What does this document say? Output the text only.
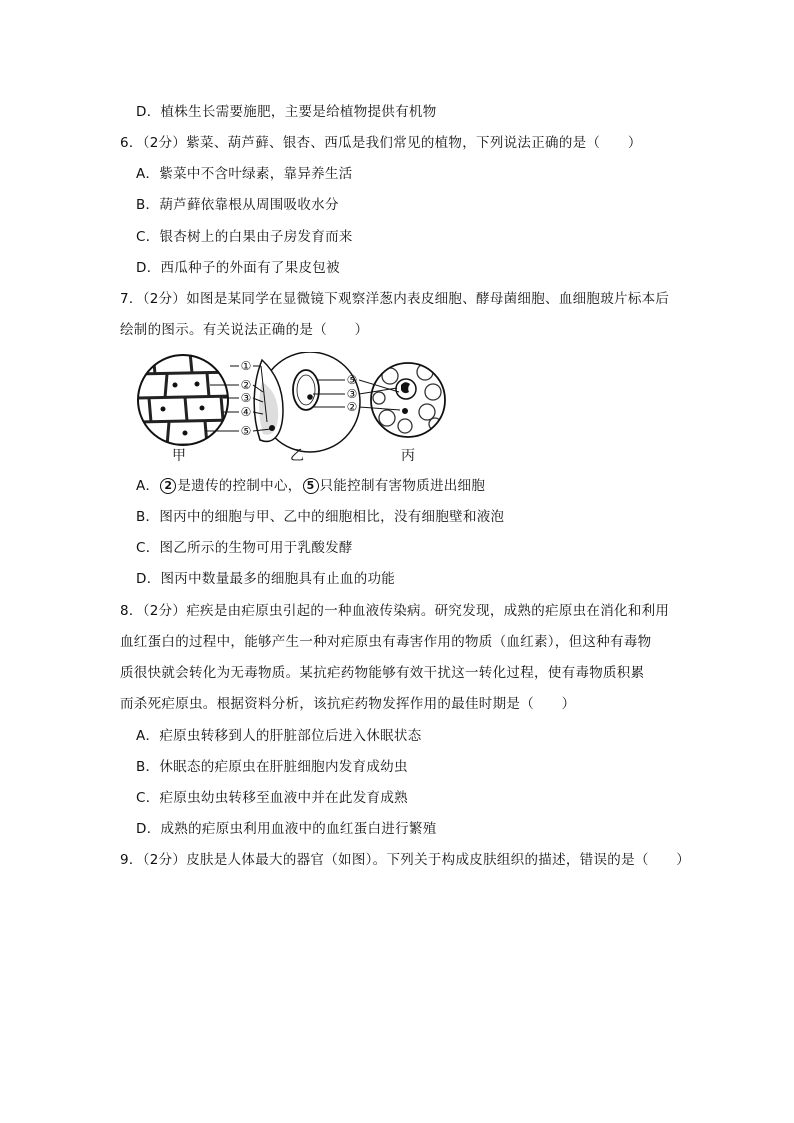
D．植株生长需要施肥，主要是给植物提供有机物
6．（2分）紫菜、葫芦藓、银杏、西瓜是我们常见的植物，下列说法正确的是（　　）
A．紫菜中不含叶绿素，靠异养生活
B．葫芦藓依靠根从周围吸收水分
C．银杏树上的白果由子房发育而来
D．西瓜种子的外面有了果皮包被
7．（2分）如图是某同学在显微镜下观察洋葱内表皮细胞、酵母菌细胞、血细胞玻片标本后
绘制的图示。有关说法正确的是（　　）
①
②
③
④
⑤
⑤
③
②
甲	乙	丙
A． 2 是遗传的控制中心， 5 只能控制有害物质进出细胞
B．图丙中的细胞与甲、乙中的细胞相比，没有细胞壁和液泡
C．图乙所示的生物可用于乳酸发酵
D．图丙中数量最多的细胞具有止血的功能
8．（2分）疟疾是由疟原虫引起的一种血液传染病。研究发现，成熟的疟原虫在消化和利用
血红蛋白的过程中，能够产生一种对疟原虫有毒害作用的物质（血红素），但这种有毒物
质很快就会转化为无毒物质。某抗疟药物能够有效干扰这一转化过程，使有毒物质积累
而杀死疟原虫。根据资料分析，该抗疟药物发挥作用的最佳时期是（　　）
A．疟原虫转移到人的肝脏部位后进入休眠状态
B．休眠态的疟原虫在肝脏细胞内发育成幼虫
C．疟原虫幼虫转移至血液中并在此发育成熟
D．成熟的疟原虫利用血液中的血红蛋白进行繁殖
9．（2分）皮肤是人体最大的器官（如图）。下列关于构成皮肤组织的描述，错误的是（　　）
